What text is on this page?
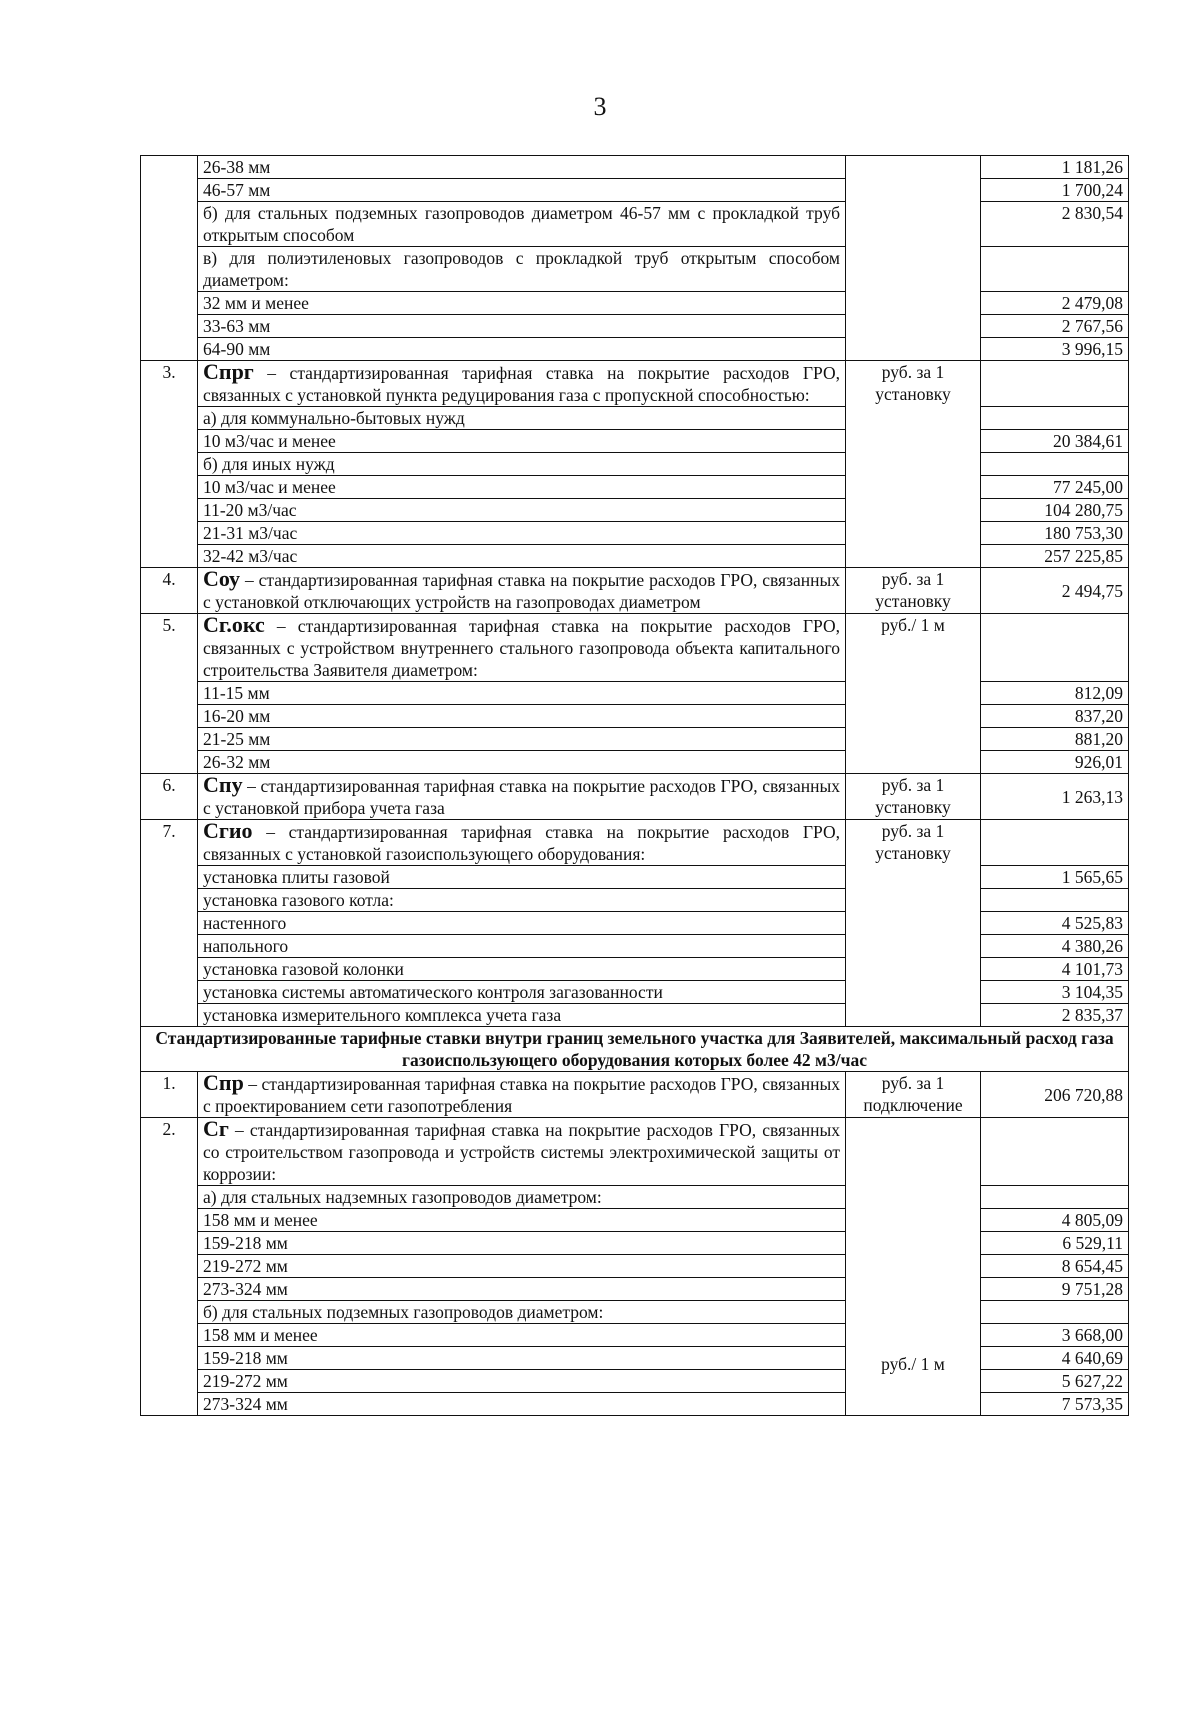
3
	26-38 мм		1 181,26
	46-57 мм		1 700,24
	б) для стальных подземных газопроводов диаметром 46-57 мм с прокладкой труб открытым способом		2 830,54
	в) для полиэтиленовых газопроводов с прокладкой труб открытым способом диаметром:		
	32 мм и менее		2 479,08
	33-63 мм		2 767,56
	64-90 мм		3 996,15
3.	Спрг – стандартизированная тарифная ставка на покрытие расходов ГРО, связанных с установкой пункта редуцирования газа с пропускной способностью:	руб. за 1 установку	
	а) для коммунально-бытовых нужд		
	10 м3/час и менее		20 384,61
	б) для иных нужд		
	10 м3/час и менее		77 245,00
	11-20 м3/час		104 280,75
	21-31 м3/час		180 753,30
	32-42 м3/час		257 225,85
4.	Соу – стандартизированная тарифная ставка на покрытие расходов ГРО, связанных с установкой отключающих устройств на газопроводах диаметром	руб. за 1 установку	2 494,75
5.	Сг.окс – стандартизированная тарифная ставка на покрытие расходов ГРО, связанных с устройством внутреннего стального газопровода объекта капитального строительства Заявителя диаметром:	руб./ 1 м	
	11-15 мм		812,09
	16-20 мм		837,20
	21-25 мм		881,20
	26-32 мм		926,01
6.	Спу – стандартизированная тарифная ставка на покрытие расходов ГРО, связанных с установкой прибора учета газа	руб. за 1 установку	1 263,13
7.	Сгио – стандартизированная тарифная ставка на покрытие расходов ГРО, связанных с установкой газоиспользующего оборудования:	руб. за 1 установку	
	установка плиты газовой		1 565,65
	установка газового котла:		
	настенного		4 525,83
	напольного		4 380,26
	установка газовой колонки		4 101,73
	установка системы автоматического контроля загазованности		3 104,35
	установка измерительного комплекса учета газа		2 835,37
Стандартизированные тарифные ставки внутри границ земельного участка для Заявителей, максимальный расход газа газоиспользующего оборудования которых более 42 м3/час			
1.	Спр – стандартизированная тарифная ставка на покрытие расходов ГРО, связанных с проектированием сети газопотребления	руб. за 1 подключение	206 720,88
2.	Сг – стандартизированная тарифная ставка на покрытие расходов ГРО, связанных со строительством газопровода и устройств системы электрохимической защиты от коррозии:	руб./ 1 м	
	а) для стальных надземных газопроводов диаметром:		
	158 мм и менее		4 805,09
	159-218 мм		6 529,11
	219-272 мм		8 654,45
	273-324 мм		9 751,28
	б) для стальных подземных газопроводов диаметром:		
	158 мм и менее		3 668,00
	159-218 мм		4 640,69
	219-272 мм		5 627,22
	273-324 мм		7 573,35
